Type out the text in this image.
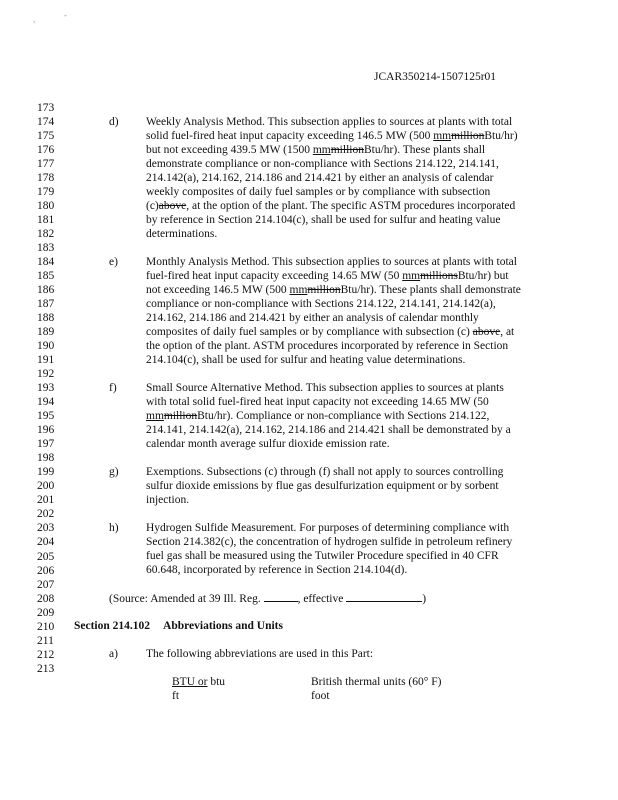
,	-
JCAR350214-1507125r01
173
174
175
176
177
178
179
180
181
182
183
184
185
186
187
188
189
190
191
192
193
194
195
196
197
198
199
200
201
202
203
204
205
206
207
208
209
210
211
212
213
d) Weekly Analysis Method. This subsection applies to sources at plants with total
solid fuel-fired heat input capacity exceeding 146.5 MW (500 mmmillionBtu/hr)
but not exceeding 439.5 MW (1500 mmmillionBtu/hr). These plants shall
demonstrate compliance or non-compliance with Sections 214.122, 214.141,
214.142(a), 214.162, 214.186 and 214.421 by either an analysis of calendar
weekly composites of daily fuel samples or by compliance with subsection
(c)above, at the option of the plant. The specific ASTM procedures incorporated
by reference in Section 214.104(c), shall be used for sulfur and heating value
determinations.
e) Monthly Analysis Method. This subsection applies to sources at plants with total
fuel-fired heat input capacity exceeding 14.65 MW (50 mmmillionsBtu/hr) but
not exceeding 146.5 MW (500 mmmillionBtu/hr). These plants shall demonstrate
compliance or non-compliance with Sections 214.122, 214.141, 214.142(a),
214.162, 214.186 and 214.421 by either an analysis of calendar monthly
composites of daily fuel samples or by compliance with subsection (c) above, at
the option of the plant. ASTM procedures incorporated by reference in Section
214.104(c), shall be used for sulfur and heating value determinations.
f)	Small Source Alternative Method. This subsection applies to sources at plants
with total solid fuel-fired heat input capacity not exceeding 14.65 MW (50
mmmillionBtu/hr). Compliance or non-compliance with Sections 214.122,
214.141, 214.142(a), 214.162, 214.186 and 214.421 shall be demonstrated by a
calendar month average sulfur dioxide emission rate.
g) Exemptions. Subsections (c) through (f) shall not apply to sources controlling
sulfur dioxide emissions by flue gas desulfurization equipment or by sorbent
injection.
h) Hydrogen Sulfide Measurement. For purposes of determining compliance with
Section 214.382(c), the concentration of hydrogen sulfide in petroleum refinery
fuel gas shall be measured using the Tutwiler Procedure specified in 40 CFR
60.648, incorporated by reference in Section 214.104(d).
(Source: Amended at 39 Ill. Reg.	, effective	)
Section 214.102 Abbreviations and Units
a) The following abbreviations are used in this Part:
BTU or btu	British thermal units (60° F)
ft	foot
